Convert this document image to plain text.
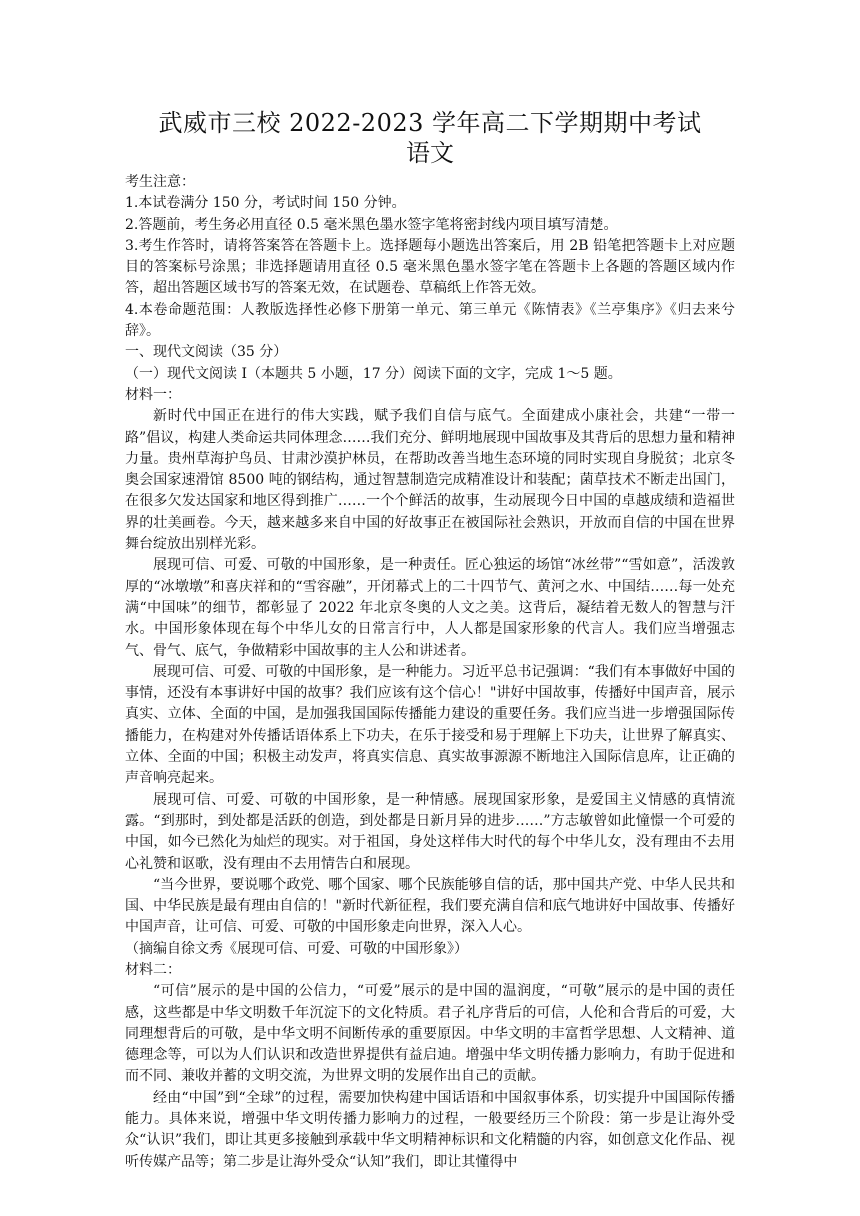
武威市三校 2022-2023 学年高二下学期期中考试
语文

考生注意：

1.本试卷满分 150 分，考试时间 150 分钟。

2.答题前，考生务必用直径 0.5 毫米黑色墨水签字笔将密封线内项目填写清楚。

3.考生作答时，请将答案答在答题卡上。选择题每小题选出答案后，用 2B 铅笔把答题卡上对应题目的答案标号涂黑；非选择题请用直径 0.5 毫米黑色墨水签字笔在答题卡上各题的答题区域内作答，超出答题区域书写的答案无效，在试题卷、草稿纸上作答无效。

4.本卷命题范围：人教版选择性必修下册第一单元、第三单元《陈情表》《兰亭集序》《归去来兮辞》。

一、现代文阅读（35 分）

（一）现代文阅读 I（本题共 5 小题，17 分）阅读下面的文字，完成 1～5 题。

材料一：

新时代中国正在进行的伟大实践，赋予我们自信与底气。全面建成小康社会，共建“一带一路”倡议，构建人类命运共同体理念……我们充分、鲜明地展现中国故事及其背后的思想力量和精神力量。贵州草海护鸟员、甘肃沙漠护林员，在帮助改善当地生态环境的同时实现自身脱贫；北京冬奥会国家速滑馆 8500 吨的钢结构，通过智慧制造完成精准设计和装配；菌草技术不断走出国门，在很多欠发达国家和地区得到推广……一个个鲜活的故事，生动展现今日中国的卓越成绩和造福世界的壮美画卷。今天，越来越多来自中国的好故事正在被国际社会熟识，开放而自信的中国在世界舞台绽放出别样光彩。

展现可信、可爱、可敬的中国形象，是一种责任。匠心独运的场馆“冰丝带”“雪如意”，活泼敦厚的“冰墩墩”和喜庆祥和的“雪容融”，开闭幕式上的二十四节气、黄河之水、中国结……每一处充满“中国味”的细节，都彰显了 2022 年北京冬奥的人文之美。这背后，凝结着无数人的智慧与汗水。中国形象体现在每个中华儿女的日常言行中，人人都是国家形象的代言人。我们应当增强志气、骨气、底气，争做精彩中国故事的主人公和讲述者。

展现可信、可爱、可敬的中国形象，是一种能力。习近平总书记强调：“我们有本事做好中国的事情，还没有本事讲好中国的故事？我们应该有这个信心！"讲好中国故事，传播好中国声音，展示真实、立体、全面的中国，是加强我国国际传播能力建设的重要任务。我们应当进一步增强国际传播能力，在构建对外传播话语体系上下功夫，在乐于接受和易于理解上下功夫，让世界了解真实、立体、全面的中国；积极主动发声，将真实信息、真实故事源源不断地注入国际信息库，让正确的声音响亮起来。

展现可信、可爱、可敬的中国形象，是一种情感。展现国家形象，是爱国主义情感的真情流露。“到那时，到处都是活跃的创造，到处都是日新月异的进步……”方志敏曾如此憧憬一个可爱的中国，如今已然化为灿烂的现实。对于祖国，身处这样伟大时代的每个中华儿女，没有理由不去用心礼赞和讴歌，没有理由不去用情告白和展现。

“当今世界，要说哪个政党、哪个国家、哪个民族能够自信的话，那中国共产党、中华人民共和国、中华民族是最有理由自信的！"新时代新征程，我们要充满自信和底气地讲好中国故事、传播好中国声音，让可信、可爱、可敬的中国形象走向世界，深入人心。

（摘编自徐文秀《展现可信、可爱、可敬的中国形象》）

材料二：

“可信”展示的是中国的公信力，“可爱”展示的是中国的温润度，“可敬”展示的是中国的责任感，这些都是中华文明数千年沉淀下的文化特质。君子礼序背后的可信，人伦和合背后的可爱，大同理想背后的可敬，是中华文明不间断传承的重要原因。中华文明的丰富哲学思想、人文精神、道德理念等，可以为人们认识和改造世界提供有益启迪。增强中华文明传播力影响力，有助于促进和而不同、兼收并蓄的文明交流，为世界文明的发展作出自己的贡献。

经由“中国”到“全球”的过程，需要加快构建中国话语和中国叙事体系，切实提升中国国际传播能力。具体来说，增强中华文明传播力影响力的过程，一般要经历三个阶段：第一步是让海外受众“认识”我们，即让其更多接触到承载中华文明精神标识和文化精髓的内容，如创意文化作品、视听传媒产品等；第二步是让海外受众“认知”我们，即让其懂得中
